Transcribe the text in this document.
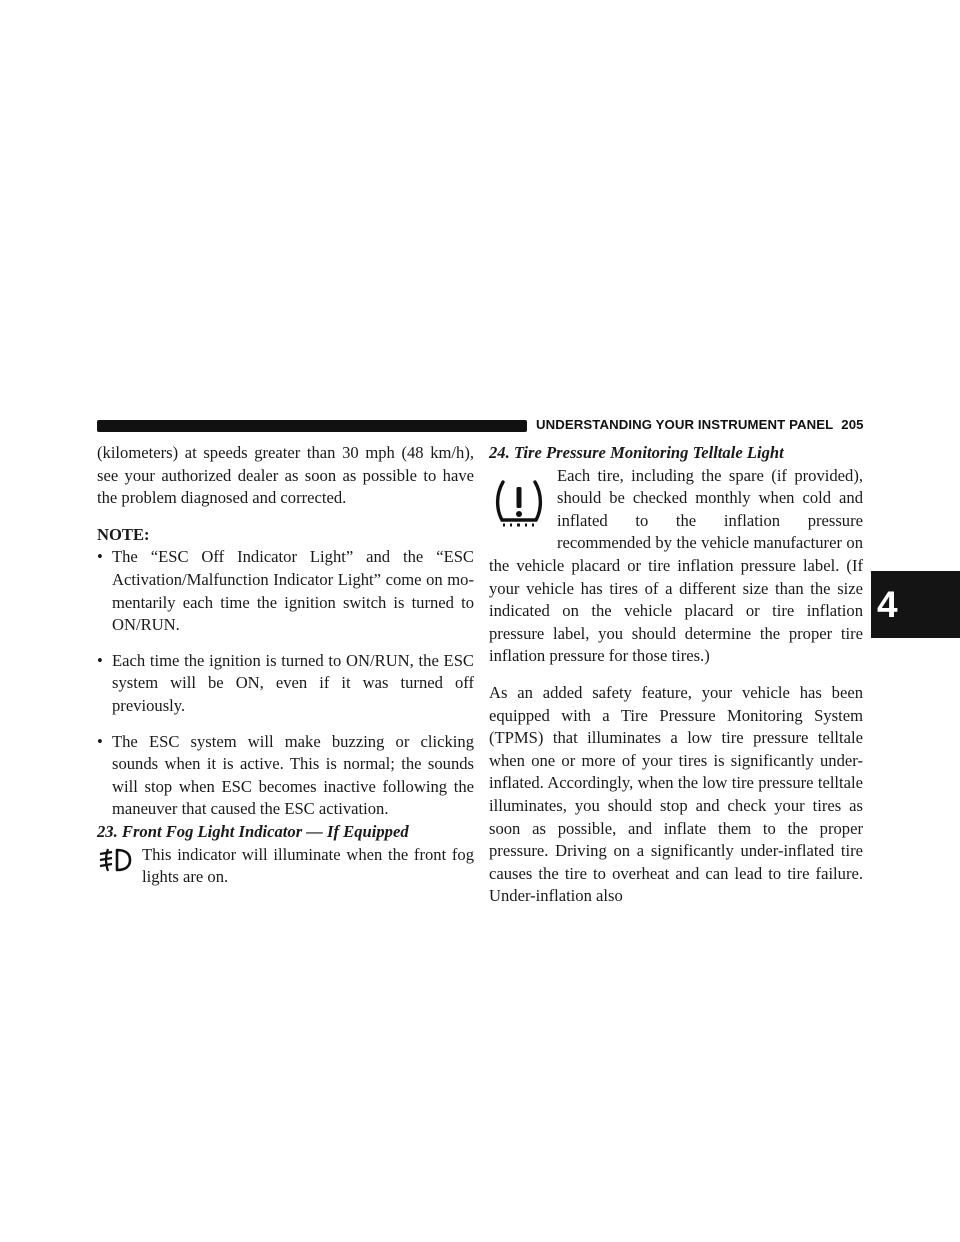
UNDERSTANDING YOUR INSTRUMENT PANEL 205
4

(kilometers) at speeds greater than 30 mph (48 km/h), see your authorized dealer as soon as possible to have the problem diagnosed and corrected.

NOTE:

• The “ESC Off Indicator Light” and the “ESC Activation/Malfunction Indicator Light” come on momentarily each time the ignition switch is turned to ON/RUN.

• Each time the ignition is turned to ON/RUN, the ESC system will be ON, even if it was turned off previously.

• The ESC system will make buzzing or clicking sounds when it is active. This is normal; the sounds will stop when ESC becomes inactive following the maneuver that caused the ESC activation.

23. Front Fog Light Indicator — If Equipped

This indicator will illuminate when the front fog lights are on.

24. Tire Pressure Monitoring Telltale Light

Each tire, including the spare (if provided), should be checked monthly when cold and inflated to the inflation pressure recommended by the vehicle manufacturer on the vehicle placard or tire inflation pressure label. (If your vehicle has tires of a different size than the size indicated on the vehicle placard or tire inflation pressure label, you should determine the proper tire inflation pressure for those tires.)

As an added safety feature, your vehicle has been equipped with a Tire Pressure Monitoring System (TPMS) that illuminates a low tire pressure telltale when one or more of your tires is significantly under-inflated. Accordingly, when the low tire pressure telltale illuminates, you should stop and check your tires as soon as possible, and inflate them to the proper pressure. Driving on a significantly under-inflated tire causes the tire to overheat and can lead to tire failure. Under-inflation also
